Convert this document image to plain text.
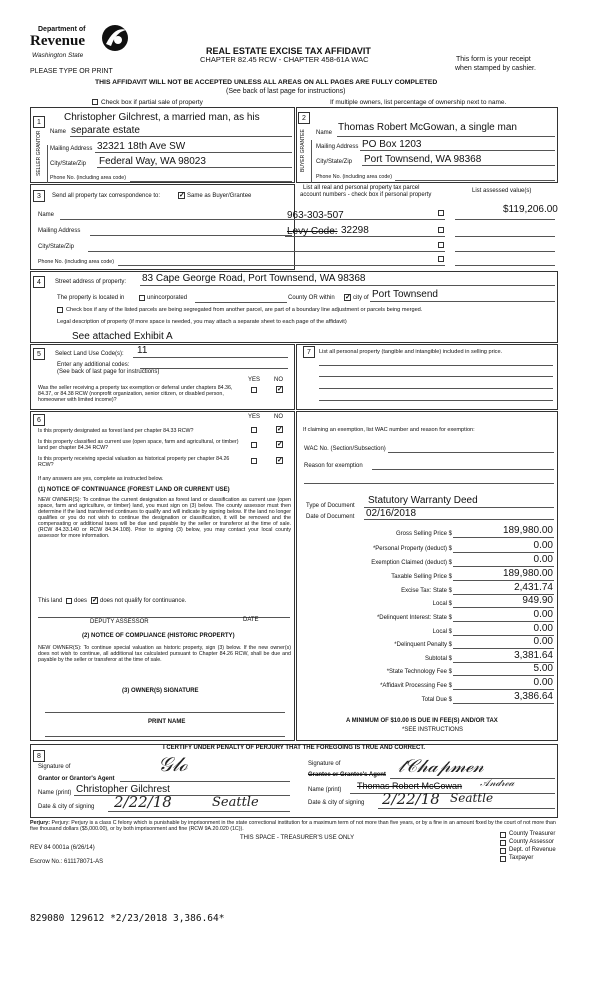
Department of
Revenue
Washington State
PLEASE TYPE OR PRINT
REAL ESTATE EXCISE TAX AFFIDAVIT
CHAPTER 82.45 RCW - CHAPTER 458-61A WAC	This form is your receipt
when stamped by cashier.
THIS AFFIDAVIT WILL NOT BE ACCEPTED UNLESS ALL AREAS ON ALL PAGES ARE FULLY COMPLETED
(See back of last page for instructions)
Check box if partial sale of property	If multiple owners, list percentage of ownership next to name.
1
2
SELLER GRANTOR	BUYER GRANTEE
Christopher Gilchrest, a married man, as his
Name separate estate
Mailing Address 32321 18th Ave SW
City/State/Zip Federal Way, WA 98023
Phone No. (including area code)
Name Thomas Robert McGowan, a single man
Mailing Address PO Box 1203
City/State/Zip Port Townsend, WA 98368
Phone No. (including area code)
3	Send all property tax correspondence to:	✓ Same as Buyer/Grantee
Name
Mailing Address
City/State/Zip
Phone No. (including area code)
List all real and personal property tax parcel
account numbers - check box if personal property
List assessed value(s)
963-303-507
$119,206.00
Levy Code: 32298
4	Street address of property: 83 Cape George Road, Port Townsend, WA 98368
The property is located in	unincorporated	County OR within ✓ city of Port Townsend
Check box if any of the listed parcels are being segregated from another parcel, are part of a boundary line adjustment or parcels being merged.
Legal description of property (if more space is needed, you may attach a separate sheet to each page of the affidavit)
See attached Exhibit A
5	Select Land Use Code(s): 11
Enter any additional codes:
(See back of last page for instructions)
YES NO
Was the seller receiving a property tax exemption or deferral under chapters 84.36, 84.37, or 84.38 RCW (nonprofit organization, senior citizen, or disabled person, homeowner with limited income)?
✓
7	List all personal property (tangible and intangible) included in selling price.
6	YES NO
Is this property designated as forest land per chapter 84.33 RCW?	✓
Is this property classified as current use (open space, farm and agricultural, or timber) land per chapter 84.34 RCW?
✓
Is this property receiving special valuation as historical property per chapter 84.26 RCW?
✓
If any answers are yes, complete as instructed below.
(1) NOTICE OF CONTINUANCE (FOREST LAND OR CURRENT USE)
NEW OWNER(S): To continue the current designation as forest land or classification as current use (open space, farm and agriculture, or timber) land, you must sign on (3) below. The county assessor must then determine if the land transferred continues to qualify and will indicate by signing below. If the land no longer qualifies or you do not wish to continue the designation or classification, it will be removed and the compensating or additional taxes will be due and payable by the seller or transferor at the time of sale. (RCW 84.33.140 or RCW 84.34.108). Prior to signing (3) below, you may contact your local county assessor for more information.
This land does ✓ does not qualify for continuance.
DEPUTY ASSESSOR	DATE
(2) NOTICE OF COMPLIANCE (HISTORIC PROPERTY)
NEW OWNER(S): To continue special valuation as historic property, sign (3) below. If the new owner(s) does not wish to continue, all additional tax calculated pursuant to Chapter 84.26 RCW, shall be due and payable by the seller or transferor at the time of sale.
(3) OWNER(S) SIGNATURE
PRINT NAME
If claiming an exemption, list WAC number and reason for exemption:
WAC No. (Section/Subsection)
Reason for exemption
Type of Document Statutory Warranty Deed
Date of Document 02/16/2018
Gross Selling Price $	189,980.00
*Personal Property (deduct) $	0.00
Exemption Claimed (deduct) $	0.00
Taxable Selling Price $	189,980.00
Excise Tax: State $	2,431.74
Local $	949.90
*Delinquent Interest: State $	0.00
Local $	0.00
*Delinquent Penalty $	0.00
Subtotal $	3,381.64
*State Technology Fee $	5.00
*Affidavit Processing Fee $	0.00
Total Due $	3,386.64
A MINIMUM OF $10.00 IS DUE IN FEE(S) AND/OR TAX
*SEE INSTRUCTIONS
8
I CERTIFY UNDER PENALTY OF PERJURY THAT THE FOREGOING IS TRUE AND CORRECT.
Signature of
Grantor or Grantor's Agent
𝒢𝓁ℴ
Name (print) Christopher Gilchrest
Date & city of signing 2/22/18	Seattle
Signature of
Grantee or Grantee's Agent 𝓉𝒞𝒽𝒶𝓅𝓂ℯ𝓃
Name (print) Thomas Robert McGowan 𝒜𝓃𝒹𝓇ℯ𝒶
Date & city of signing 2/22/18 Seattle
Perjury: Perjury: Perjury is a class C felony which is punishable by imprisonment in the state correctional institution for a maximum term of not more than five years, or by a fine in an amount fixed by the court of not more than five thousand dollars ($5,000.00), or by both imprisonment and fine (RCW 9A.20.020 (1C)).
REV 84 0001a (6/26/14)
THIS SPACE - TREASURER'S USE ONLY
Escrow No.: 611178071-AS
County Treasurer
County Assessor
Dept. of Revenue
Taxpayer
829080 129612 *2/23/2018 3,386.64*
